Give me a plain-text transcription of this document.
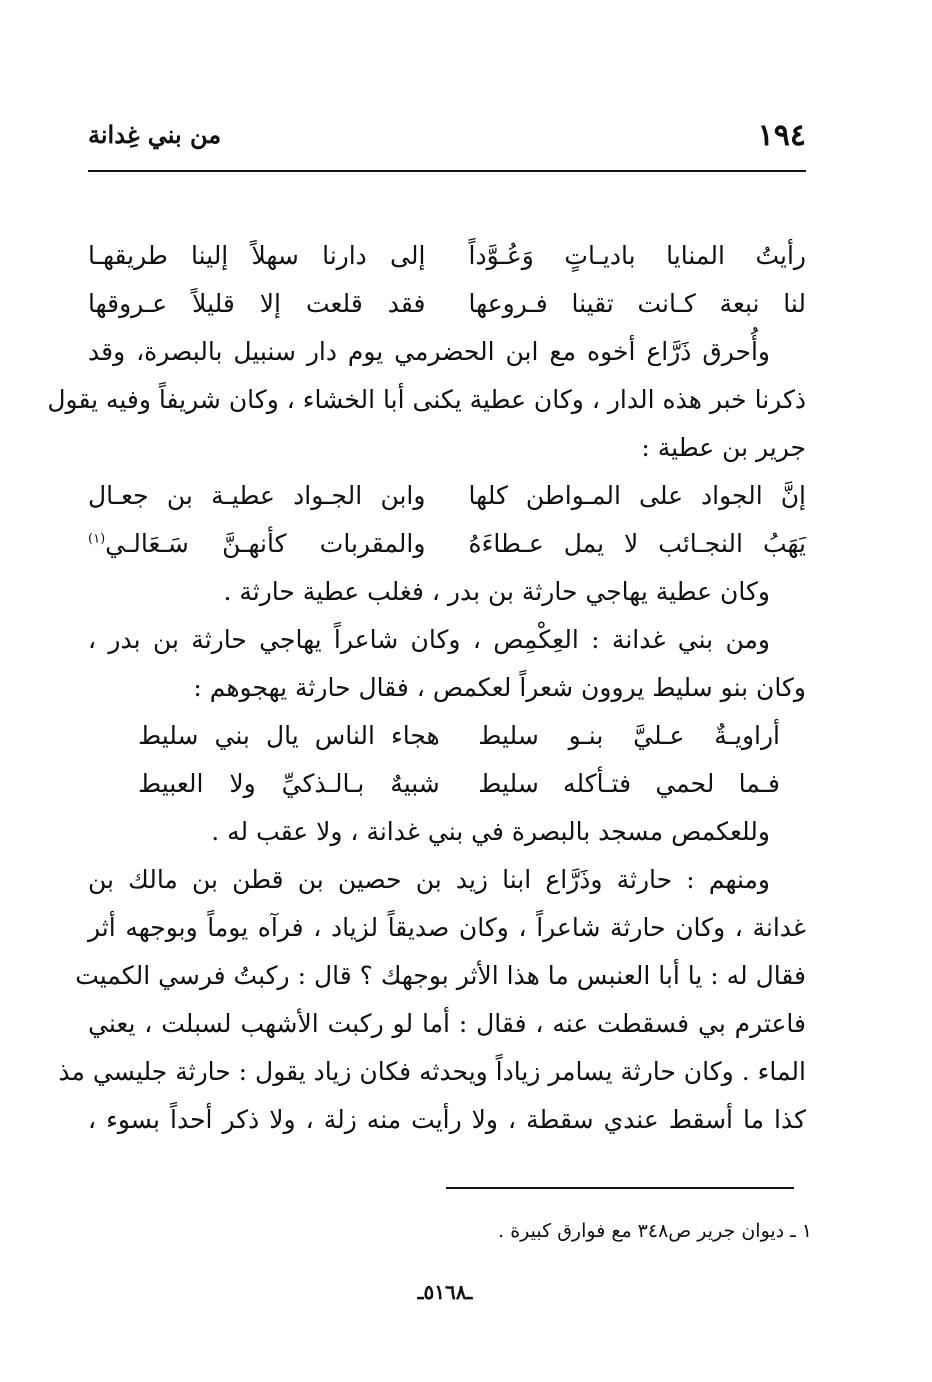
١٩٤
من بني غِدانة
رأيتُ المنايا باديـاتٍ وَعُـوَّداً
إلى دارنا سهلاً إلينا طريقهـا
لنا نبعة كـانت تقينا فـروعها
فقد قلعت إلا قليلاً عـروقها
وأُحرق ذَرَّاع أخوه مع ابن الحضرمي يوم دار سنبيل بالبصرة، وقد
ذكرنا خبر هذه الدار ، وكان عطية يكنى أبا الخشاء ، وكان شريفاً وفيه يقول
جرير بن عطية :
إنَّ الجواد على المـواطن كلها
وابن الجـواد عطيـة بن جعـال
يَهَبُ النجـائب لا يمل عـطاءَهُ
والمقربات كأنهـنَّ سَـعَالـي$^{(١)}$
وكان عطية يهاجي حارثة بن بدر ، فغلب عطية حارثة .
ومن بني غدانة : العِكْمِص ، وكان شاعراً يهاجي حارثة بن بدر ،
وكان بنو سليط يروون شعراً لعكمص ، فقال حارثة يهجوهم :
أراويـةٌ عـليَّ بنـو سليط
هجاء الناس يال بني سليط
فـما لحمي فتـأكله سليط
شبيهٌ بـالـذكيِّ ولا العبيط
وللعكمص مسجد بالبصرة في بني غدانة ، ولا عقب له .
ومنهم : حارثة وذَرَّاع ابنا زيد بن حصين بن قطن بن مالك بن
غدانة ، وكان حارثة شاعراً ، وكان صديقاً لزياد ، فرآه يوماً وبوجهه أثر
فقال له : يا أبا العنبس ما هذا الأثر بوجهك ؟ قال : ركبتُ فرسي الكميت
فاعترم بي فسقطت عنه ، فقال : أما لو ركبت الأشهب لسبلت ، يعني
الماء . وكان حارثة يسامر زياداً ويحدثه فكان زياد يقول : حارثة جليسي مذ
كذا ما أسقط عندي سقطة ، ولا رأيت منه زلة ، ولا ذكر أحداً بسوء ،
١ ـ ديوان جرير ص٣٤٨ مع فوارق كبيرة .
ـ٥١٦٨ـ
